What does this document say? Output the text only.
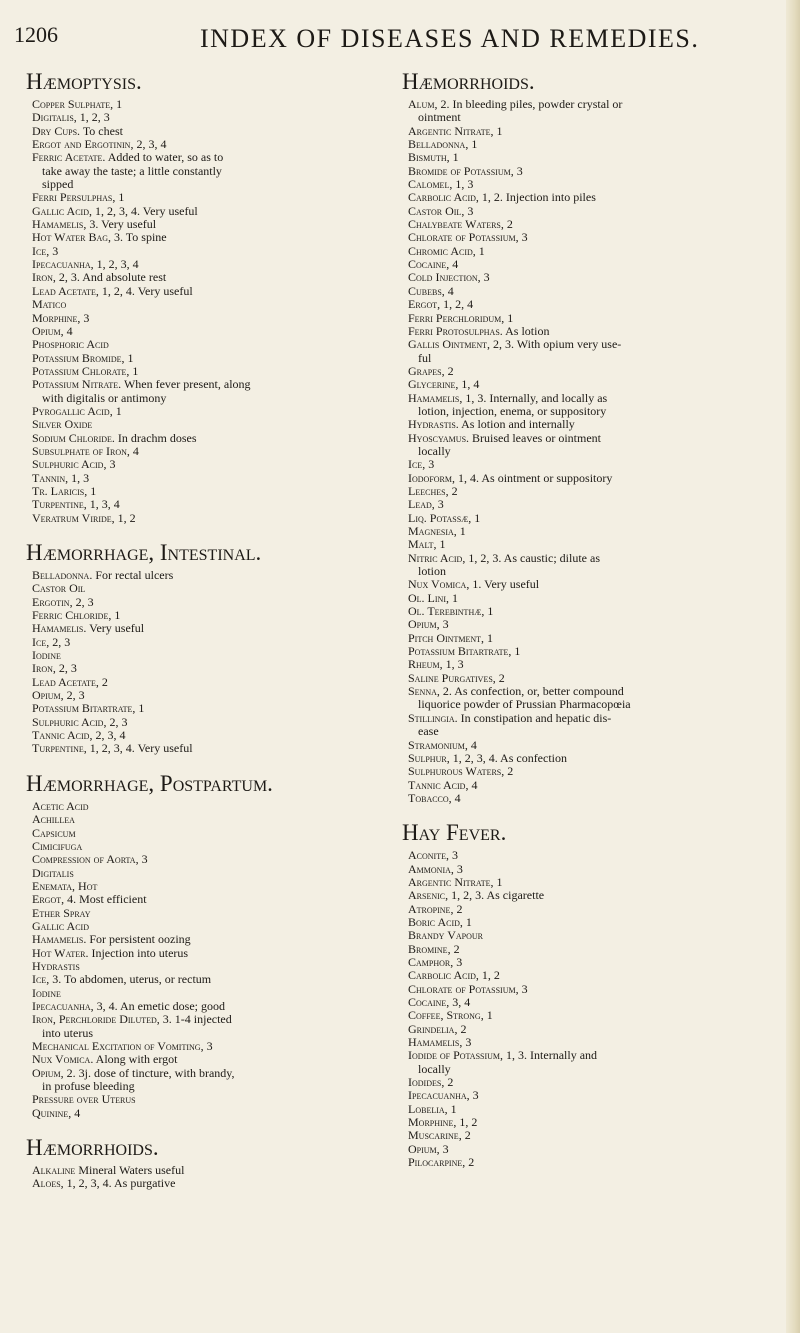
1206	INDEX OF DISEASES AND REMEDIES.
Hæmoptysis.
Copper Sulphate, 1
Digitalis, 1, 2, 3
Dry Cups. To chest
Ergot and Ergotinin, 2, 3, 4
Ferric Acetate. Added to water, so as to
take away the taste; a little constantly
sipped
Ferri Persulphas, 1
Gallic Acid, 1, 2, 3, 4. Very useful
Hamamelis, 3. Very useful
Hot Water Bag, 3. To spine
Ice, 3
Ipecacuanha, 1, 2, 3, 4
Iron, 2, 3. And absolute rest
Lead Acetate, 1, 2, 4. Very useful
Matico
Morphine, 3
Opium, 4
Phosphoric Acid
Potassium Bromide, 1
Potassium Chlorate, 1
Potassium Nitrate. When fever present, along
with digitalis or antimony
Pyrogallic Acid, 1
Silver Oxide
Sodium Chloride. In drachm doses
Subsulphate of Iron, 4
Sulphuric Acid, 3
Tannin, 1, 3
Tr. Laricis, 1
Turpentine, 1, 3, 4
Veratrum Viride, 1, 2
Hæmorrhage, Intestinal.
Belladonna. For rectal ulcers
Castor Oil
Ergotin, 2, 3
Ferric Chloride, 1
Hamamelis. Very useful
Ice, 2, 3
Iodine
Iron, 2, 3
Lead Acetate, 2
Opium, 2, 3
Potassium Bitartrate, 1
Sulphuric Acid, 2, 3
Tannic Acid, 2, 3, 4
Turpentine, 1, 2, 3, 4. Very useful
Hæmorrhage, Postpartum.
Acetic Acid
Achillea
Capsicum
Cimicifuga
Compression of Aorta, 3
Digitalis
Enemata, Hot
Ergot, 4. Most efficient
Ether Spray
Gallic Acid
Hamamelis. For persistent oozing
Hot Water. Injection into uterus
Hydrastis
Ice, 3. To abdomen, uterus, or rectum
Iodine
Ipecacuanha, 3, 4. An emetic dose; good
Iron, Perchloride Diluted, 3. 1-4 injected
into uterus
Mechanical Excitation of Vomiting, 3
Nux Vomica. Along with ergot
Opium, 2. 3j. dose of tincture, with brandy,
in profuse bleeding
Pressure over Uterus
Quinine, 4
Hæmorrhoids.
Alkaline Mineral Waters useful
Aloes, 1, 2, 3, 4. As purgative
Hæmorrhoids.
Alum, 2. In bleeding piles, powder crystal or
ointment
Argentic Nitrate, 1
Belladonna, 1
Bismuth, 1
Bromide of Potassium, 3
Calomel, 1, 3
Carbolic Acid, 1, 2. Injection into piles
Castor Oil, 3
Chalybeate Waters, 2
Chlorate of Potassium, 3
Chromic Acid, 1
Cocaine, 4
Cold Injection, 3
Cubebs, 4
Ergot, 1, 2, 4
Ferri Perchloridum, 1
Ferri Protosulphas. As lotion
Gallis Ointment, 2, 3. With opium very use-
ful
Grapes, 2
Glycerine, 1, 4
Hamamelis, 1, 3. Internally, and locally as
lotion, injection, enema, or suppository
Hydrastis. As lotion and internally
Hyoscyamus. Bruised leaves or ointment
locally
Ice, 3
Iodoform, 1, 4. As ointment or suppository
Leeches, 2
Lead, 3
Liq. Potassæ, 1
Magnesia, 1
Malt, 1
Nitric Acid, 1, 2, 3. As caustic; dilute as
lotion
Nux Vomica, 1. Very useful
Ol. Lini, 1
Ol. Terebinthæ, 1
Opium, 3
Pitch Ointment, 1
Potassium Bitartrate, 1
Rheum, 1, 3
Saline Purgatives, 2
Senna, 2. As confection, or, better compound
liquorice powder of Prussian Pharmacopœia
Stillingia. In constipation and hepatic dis-
ease
Stramonium, 4
Sulphur, 1, 2, 3, 4. As confection
Sulphurous Waters, 2
Tannic Acid, 4
Tobacco, 4
Hay Fever.
Aconite, 3
Ammonia, 3
Argentic Nitrate, 1
Arsenic, 1, 2, 3. As cigarette
Atropine, 2
Boric Acid, 1
Brandy Vapour
Bromine, 2
Camphor, 3
Carbolic Acid, 1, 2
Chlorate of Potassium, 3
Cocaine, 3, 4
Coffee, Strong, 1
Grindelia, 2
Hamamelis, 3
Iodide of Potassium, 1, 3. Internally and
locally
Iodides, 2
Ipecacuanha, 3
Lobelia, 1
Morphine, 1, 2
Muscarine, 2
Opium, 3
Pilocarpine, 2
